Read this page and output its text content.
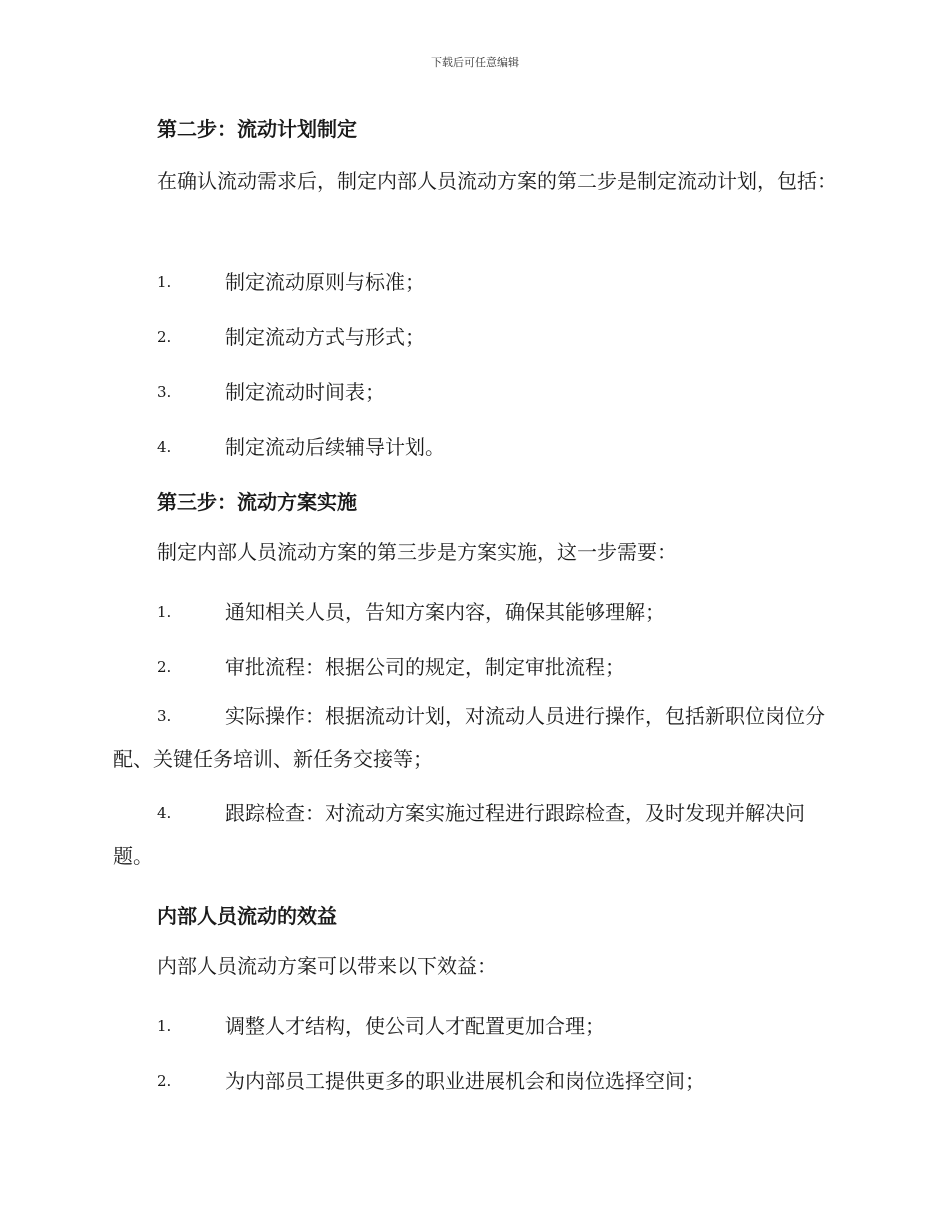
下载后可任意编辑
第二步：流动计划制定

在确认流动需求后，制定内部人员流动方案的第二步是制定流动计划，包括：

1.	制定流动原则与标准；
2.	制定流动方式与形式；
3.	制定流动时间表；
4.	制定流动后续辅导计划。
第三步：流动方案实施

制定内部人员流动方案的第三步是方案实施，这一步需要：

1.	通知相关人员，告知方案内容，确保其能够理解；
2.	审批流程：根据公司的规定，制定审批流程；

3.	实际操作：根据流动计划，对流动人员进行操作，包括新职位岗位分配、关键任务培训、新任务交接等；

4.	跟踪检查：对流动方案实施过程进行跟踪检查，及时发现并解决问题。

内部人员流动的效益

内部人员流动方案可以带来以下效益：

1.	调整人才结构，使公司人才配置更加合理；
2.	为内部员工提供更多的职业进展机会和岗位选择空间；
